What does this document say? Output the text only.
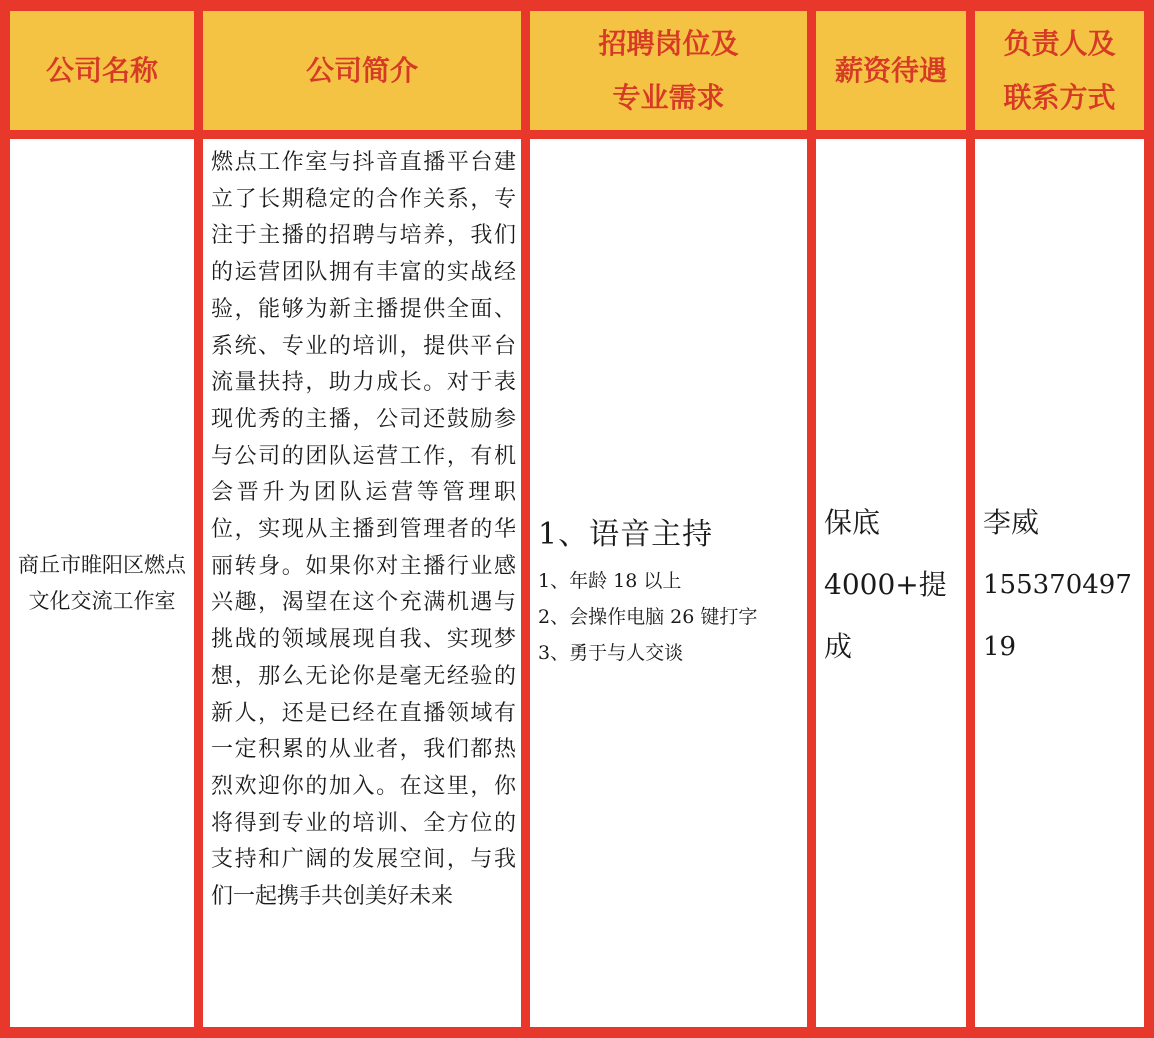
公司名称	公司简介
招聘岗位及
专业需求
薪资待遇
负责人及
联系方式
商丘市睢阳区燃点文化交流工作室
燃点工作室与抖音直播平台建立了长期稳定的合作关系，专注于主播的招聘与培养，我们的运营团队拥有丰富的实战经验，能够为新主播提供全面、系统、专业的培训，提供平台流量扶持，助力成长。对于表现优秀的主播，公司还鼓励参与公司的团队运营工作，有机会晋升为团队运营等管理职位，实现从主播到管理者的华丽转身。如果你对主播行业感兴趣，渴望在这个充满机遇与挑战的领域展现自我、实现梦想，那么无论你是毫无经验的新人，还是已经在直播领域有一定积累的从业者，我们都热烈欢迎你的加入。在这里，你将得到专业的培训、全方位的支持和广阔的发展空间，与我们一起携手共创美好未来
1、语音主持
1、年龄 18 以上
2、会操作电脑 26 键打字
3、勇于与人交谈
保底
4000+提
成
李威
155370497
19
